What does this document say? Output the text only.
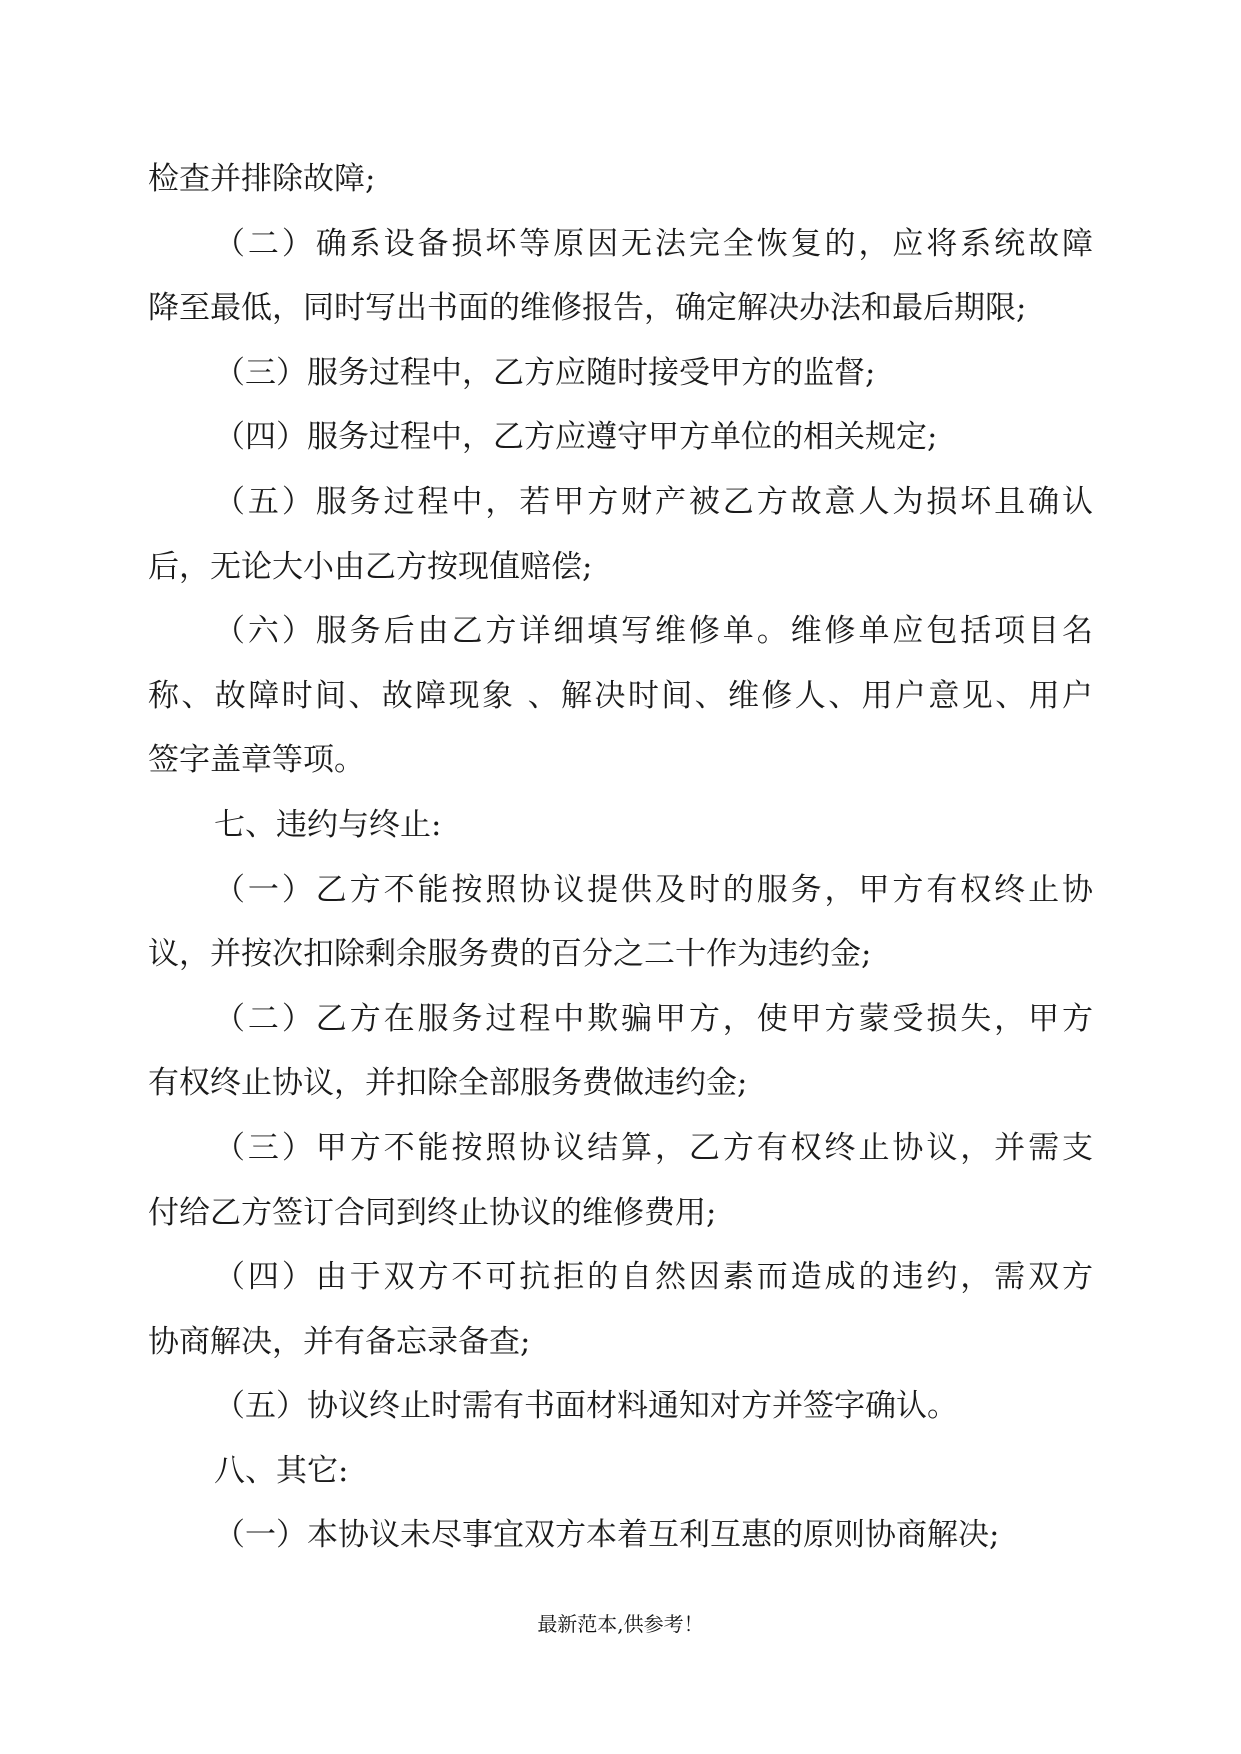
检查并排除故障;
（二）确系设备损坏等原因无法完全恢复的，应将系统故障
降至最低，同时写出书面的维修报告，确定解决办法和最后期限;
（三）服务过程中，乙方应随时接受甲方的监督;
（四）服务过程中，乙方应遵守甲方单位的相关规定;
（五）服务过程中，若甲方财产被乙方故意人为损坏且确认
后，无论大小由乙方按现值赔偿;
（六）服务后由乙方详细填写维修单。维修单应包括项目名
称、故障时间、故障现象 、解决时间、维修人、用户意见、用户
签字盖章等项。
七、违约与终止:
（一）乙方不能按照协议提供及时的服务，甲方有权终止协
议，并按次扣除剩余服务费的百分之二十作为违约金;
（二）乙方在服务过程中欺骗甲方，使甲方蒙受损失，甲方
有权终止协议，并扣除全部服务费做违约金;
（三）甲方不能按照协议结算，乙方有权终止协议，并需支
付给乙方签订合同到终止协议的维修费用;
（四）由于双方不可抗拒的自然因素而造成的违约，需双方
协商解决，并有备忘录备查;
（五）协议终止时需有书面材料通知对方并签字确认。
八、其它:
（一）本协议未尽事宜双方本着互利互惠的原则协商解决;
最新范本,供参考！
